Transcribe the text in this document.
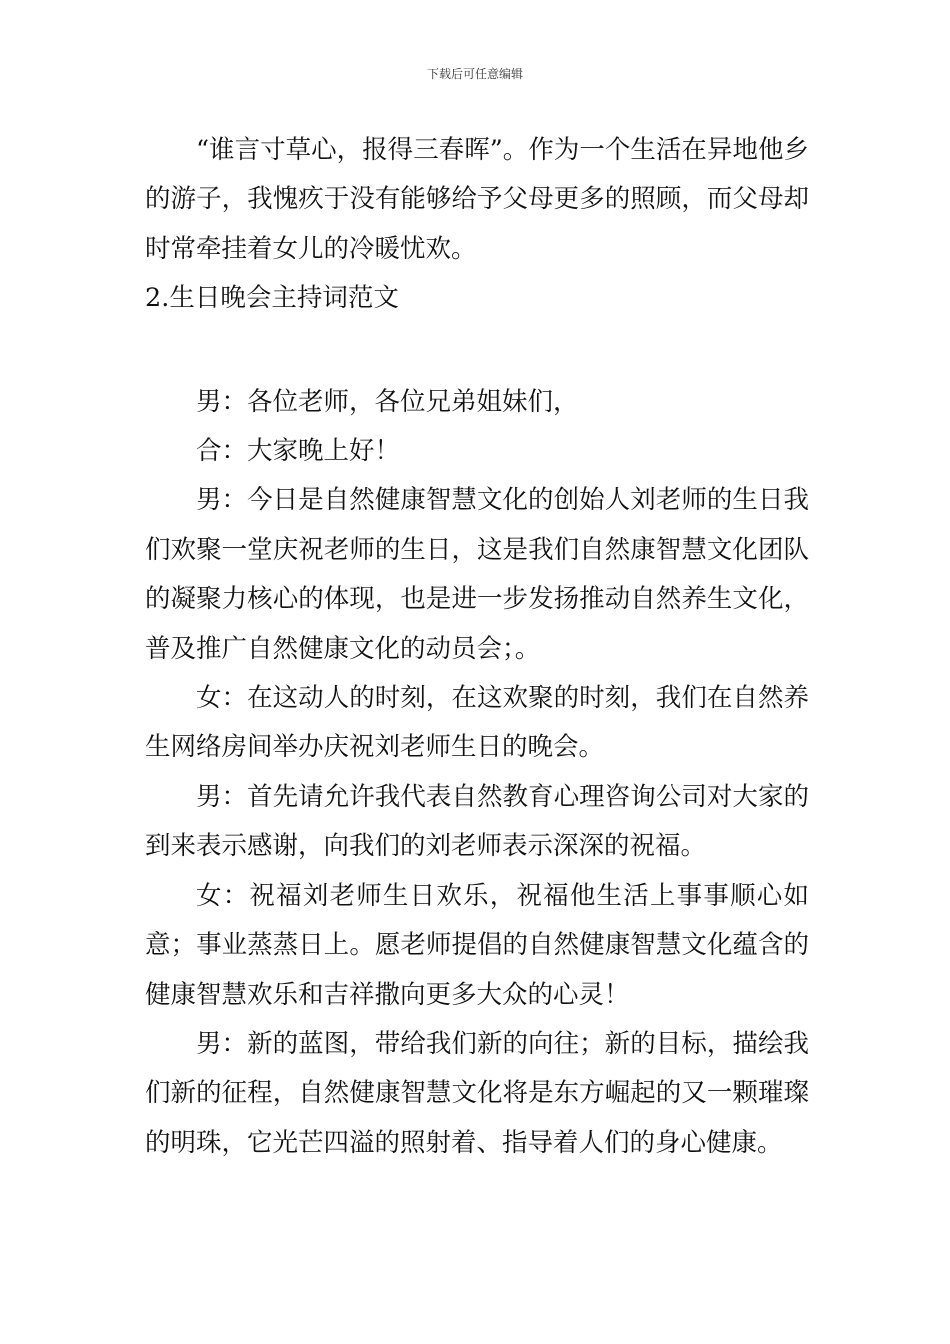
下载后可任意编辑

“谁言寸草心，报得三春晖”。作为一个生活在异地他乡的游子，我愧疚于没有能够给予父母更多的照顾，而父母却时常牵挂着女儿的冷暖忧欢。

2.生日晚会主持词范文

男：各位老师，各位兄弟姐妹们，

合：大家晚上好！

男：今日是自然健康智慧文化的创始人刘老师的生日我们欢聚一堂庆祝老师的生日，这是我们自然康智慧文化团队的凝聚力核心的体现，也是进一步发扬推动自然养生文化，普及推广自然健康文化的动员会；。

女：在这动人的时刻，在这欢聚的时刻，我们在自然养生网络房间举办庆祝刘老师生日的晚会。

男：首先请允许我代表自然教育心理咨询公司对大家的到来表示感谢，向我们的刘老师表示深深的祝福。

女：祝福刘老师生日欢乐，祝福他生活上事事顺心如意；事业蒸蒸日上。愿老师提倡的自然健康智慧文化蕴含的健康智慧欢乐和吉祥撒向更多大众的心灵！

男：新的蓝图，带给我们新的向往；新的目标，描绘我们新的征程，自然健康智慧文化将是东方崛起的又一颗璀璨的明珠，它光芒四溢的照射着、指导着人们的身心健康。
